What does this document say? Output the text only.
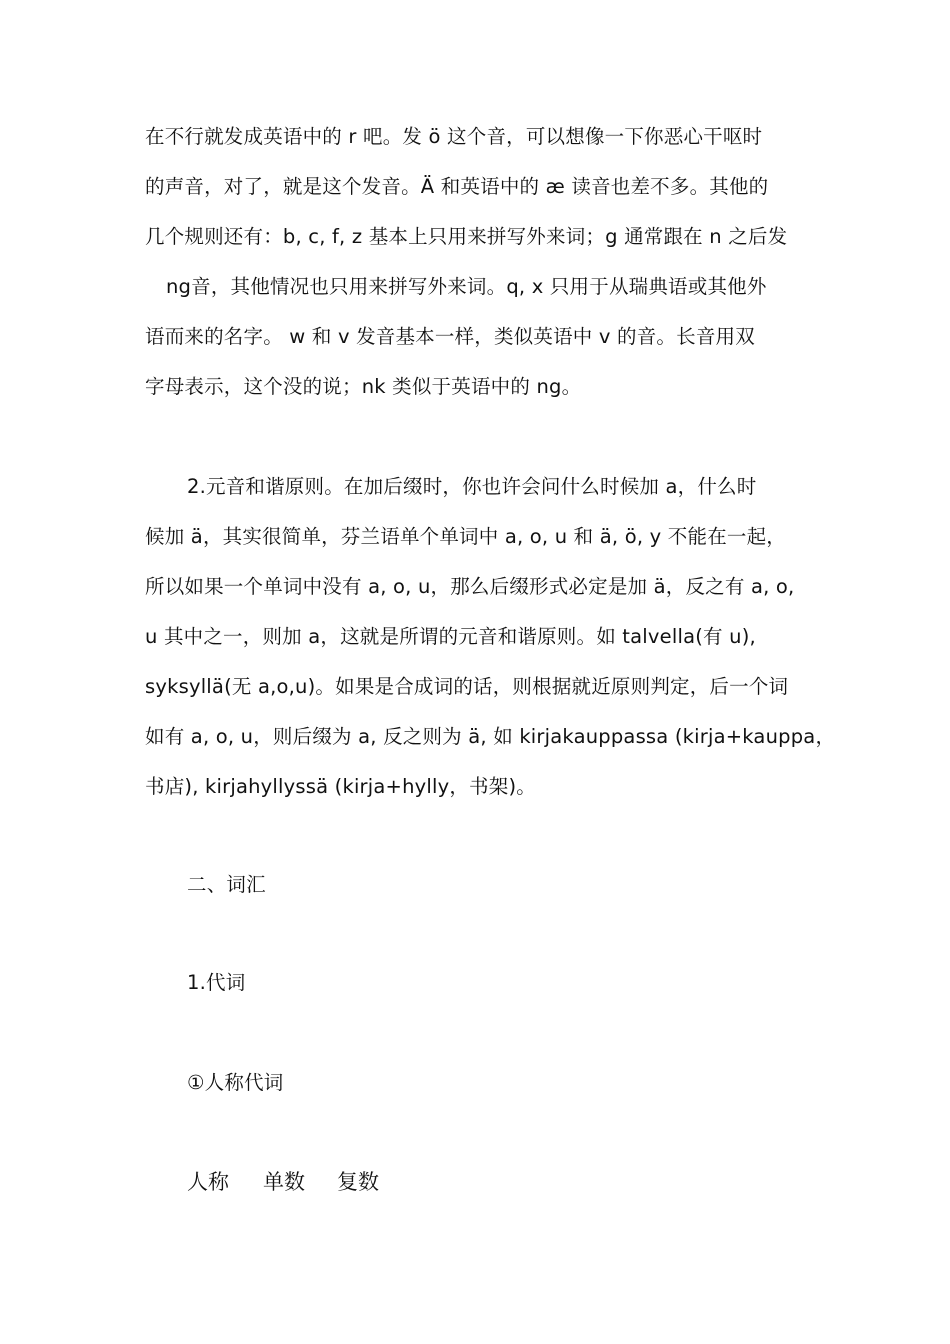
在不行就发成英语中的 r 吧。发 ö 这个音，可以想像一下你恶心干呕时
的声音，对了，就是这个发音。Ä 和英语中的 æ 读音也差不多。其他的
几个规则还有：b, c, f, z 基本上只用来拼写外来词；g 通常跟在 n 之后发
ng音，其他情况也只用来拼写外来词。q, x 只用于从瑞典语或其他外
语而来的名字。 w 和 v 发音基本一样，类似英语中 v 的音。长音用双
字母表示，这个没的说；nk 类似于英语中的 ng。
2.元音和谐原则。在加后缀时，你也许会问什么时候加 a，什么时
候加 ä，其实很简单，芬兰语单个单词中 a, o, u 和 ä, ö, y 不能在一起，
所以如果一个单词中没有 a, o, u，那么后缀形式必定是加 ä，反之有 a, o,
u 其中之一，则加 a，这就是所谓的元音和谐原则。如 talvella(有 u),
syksyllä(无 a,o,u)。如果是合成词的话，则根据就近原则判定，后一个词
如有 a, o, u，则后缀为 a, 反之则为 ä, 如 kirjakauppassa (kirja+kauppa，
书店), kirjahyllyssä (kirja+hylly，书架)。
二、词汇
1.代词
①人称代词
人称 单数 复数
